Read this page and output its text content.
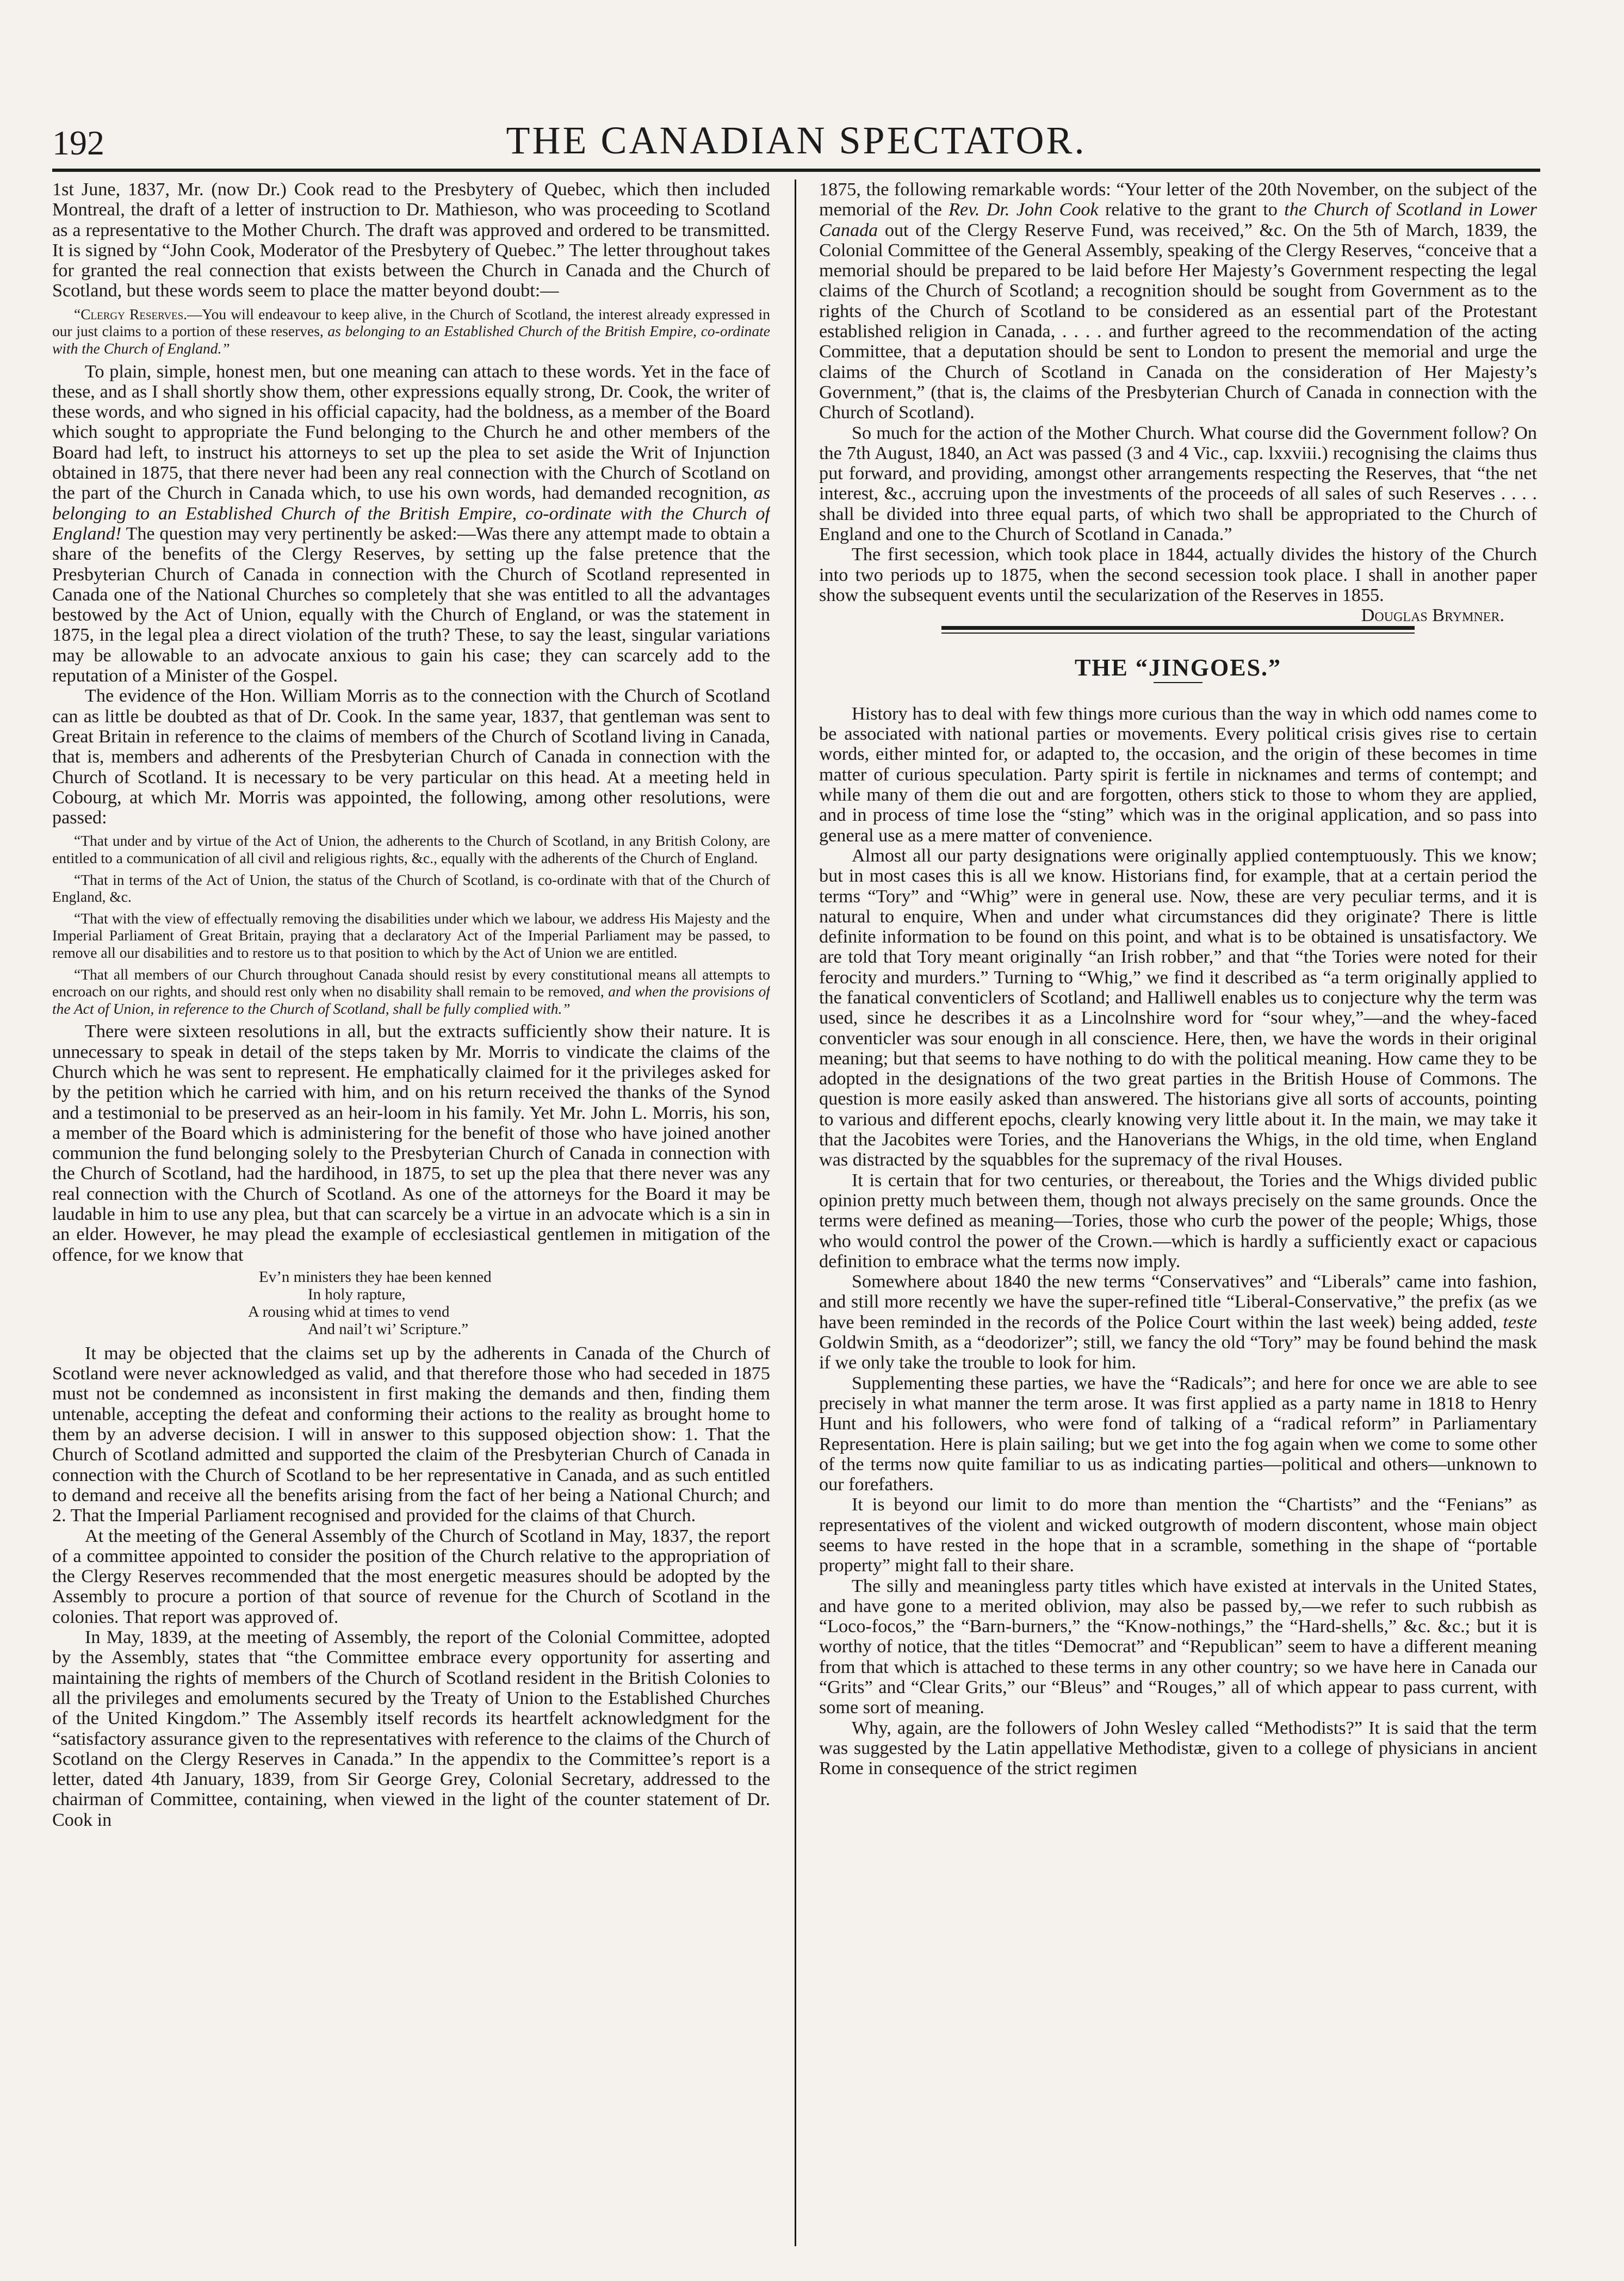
192	THE CANADIAN SPECTATOR.

1st June, 1837, Mr. (now Dr.) Cook read to the Presbytery of Quebec, which then included Montreal, the draft of a letter of instruction to Dr. Mathieson, who was proceeding to Scotland as a representative to the Mother Church. The draft was approved and ordered to be transmitted. It is signed by “John Cook, Moderator of the Presbytery of Quebec.” The letter throughout takes for granted the real connection that exists between the Church in Canada and the Church of Scotland, but these words seem to place the matter beyond doubt:—

“Clergy Reserves.—You will endeavour to keep alive, in the Church of Scotland, the interest already expressed in our just claims to a portion of these reserves, as belonging to an Established Church of the British Empire, co-ordinate with the Church of England.”

To plain, simple, honest men, but one meaning can attach to these words. Yet in the face of these, and as I shall shortly show them, other expressions equally strong, Dr. Cook, the writer of these words, and who signed in his official capacity, had the boldness, as a member of the Board which sought to appropriate the Fund belonging to the Church he and other members of the Board had left, to instruct his attorneys to set up the plea to set aside the Writ of Injunction obtained in 1875, that there never had been any real connection with the Church of Scotland on the part of the Church in Canada which, to use his own words, had demanded recognition, as belonging to an Established Church of the British Empire, co-ordinate with the Church of England! The question may very pertinently be asked:—Was there any attempt made to obtain a share of the benefits of the Clergy Reserves, by setting up the false pretence that the Presbyterian Church of Canada in connection with the Church of Scotland represented in Canada one of the National Churches so completely that she was entitled to all the advantages bestowed by the Act of Union, equally with the Church of England, or was the statement in 1875, in the legal plea a direct violation of the truth? These, to say the least, singular variations may be allowable to an advocate anxious to gain his case; they can scarcely add to the reputation of a Minister of the Gospel.

The evidence of the Hon. William Morris as to the connection with the Church of Scotland can as little be doubted as that of Dr. Cook. In the same year, 1837, that gentleman was sent to Great Britain in reference to the claims of members of the Church of Scotland living in Canada, that is, members and adherents of the Presbyterian Church of Canada in connection with the Church of Scotland. It is necessary to be very particular on this head. At a meeting held in Cobourg, at which Mr. Morris was appointed, the following, among other resolutions, were passed:

“That under and by virtue of the Act of Union, the adherents to the Church of Scotland, in any British Colony, are entitled to a communication of all civil and religious rights, &c., equally with the adherents of the Church of England.

“That in terms of the Act of Union, the status of the Church of Scotland, is co-ordinate with that of the Church of England, &c.

“That with the view of effectually removing the disabilities under which we labour, we address His Majesty and the Imperial Parliament of Great Britain, praying that a declaratory Act of the Imperial Parliament may be passed, to remove all our disabilities and to restore us to that position to which by the Act of Union we are entitled.

“That all members of our Church throughout Canada should resist by every constitutional means all attempts to encroach on our rights, and should rest only when no disability shall remain to be removed, and when the provisions of the Act of Union, in reference to the Church of Scotland, shall be fully complied with.”

There were sixteen resolutions in all, but the extracts sufficiently show their nature. It is unnecessary to speak in detail of the steps taken by Mr. Morris to vindicate the claims of the Church which he was sent to represent. He emphatically claimed for it the privileges asked for by the petition which he carried with him, and on his return received the thanks of the Synod and a testimonial to be preserved as an heir-loom in his family. Yet Mr. John L. Morris, his son, a member of the Board which is administering for the benefit of those who have joined another communion the fund belonging solely to the Presbyterian Church of Canada in connection with the Church of Scotland, had the hardihood, in 1875, to set up the plea that there never was any real connection with the Church of Scotland. As one of the attorneys for the Board it may be laudable in him to use any plea, but that can scarcely be a virtue in an advocate which is a sin in an elder. However, he may plead the example of ecclesiastical gentlemen in mitigation of the offence, for we know that

Ev’n ministers they hae been kenned
In holy rapture,
A rousing whid at times to vend
And nail’t wi’ Scripture.”

It may be objected that the claims set up by the adherents in Canada of the Church of Scotland were never acknowledged as valid, and that therefore those who had seceded in 1875 must not be condemned as inconsistent in first making the demands and then, finding them untenable, accepting the defeat and conforming their actions to the reality as brought home to them by an adverse decision. I will in answer to this supposed objection show: 1. That the Church of Scotland admitted and supported the claim of the Presbyterian Church of Canada in connection with the Church of Scotland to be her representative in Canada, and as such entitled to demand and receive all the benefits arising from the fact of her being a National Church; and 2. That the Imperial Parliament recognised and provided for the claims of that Church.

At the meeting of the General Assembly of the Church of Scotland in May, 1837, the report of a committee appointed to consider the position of the Church relative to the appropriation of the Clergy Reserves recommended that the most energetic measures should be adopted by the Assembly to procure a portion of that source of revenue for the Church of Scotland in the colonies. That report was approved of.

In May, 1839, at the meeting of Assembly, the report of the Colonial Committee, adopted by the Assembly, states that “the Committee embrace every opportunity for asserting and maintaining the rights of members of the Church of Scotland resident in the British Colonies to all the privileges and emoluments secured by the Treaty of Union to the Established Churches of the United Kingdom.” The Assembly itself records its heartfelt acknowledgment for the “satisfactory assurance given to the representatives with reference to the claims of the Church of Scotland on the Clergy Reserves in Canada.” In the appendix to the Committee’s report is a letter, dated 4th January, 1839, from Sir George Grey, Colonial Secretary, addressed to the chairman of Committee, containing, when viewed in the light of the counter statement of Dr. Cook in

1875, the following remarkable words: “Your letter of the 20th November, on the subject of the memorial of the Rev. Dr. John Cook relative to the grant to the Church of Scotland in Lower Canada out of the Clergy Reserve Fund, was received,” &c. On the 5th of March, 1839, the Colonial Committee of the General Assembly, speaking of the Clergy Reserves, “conceive that a memorial should be prepared to be laid before Her Majesty’s Government respecting the legal claims of the Church of Scotland; a recognition should be sought from Government as to the rights of the Church of Scotland to be considered as an essential part of the Protestant established religion in Canada, . . . . and further agreed to the recommendation of the acting Committee, that a deputation should be sent to London to present the memorial and urge the claims of the Church of Scotland in Canada on the consideration of Her Majesty’s Government,” (that is, the claims of the Presbyterian Church of Canada in connection with the Church of Scotland).

So much for the action of the Mother Church. What course did the Government follow? On the 7th August, 1840, an Act was passed (3 and 4 Vic., cap. lxxviii.) recognising the claims thus put forward, and providing, amongst other arrangements respecting the Reserves, that “the net interest, &c., accruing upon the investments of the proceeds of all sales of such Reserves . . . . shall be divided into three equal parts, of which two shall be appropriated to the Church of England and one to the Church of Scotland in Canada.”

The first secession, which took place in 1844, actually divides the history of the Church into two periods up to 1875, when the second secession took place. I shall in another paper show the subsequent events until the secularization of the Reserves in 1855.

Douglas Brymner.

THE “JINGOES.”

History has to deal with few things more curious than the way in which odd names come to be associated with national parties or movements. Every political crisis gives rise to certain words, either minted for, or adapted to, the occasion, and the origin of these becomes in time matter of curious speculation. Party spirit is fertile in nicknames and terms of contempt; and while many of them die out and are forgotten, others stick to those to whom they are applied, and in process of time lose the “sting” which was in the original application, and so pass into general use as a mere matter of convenience.

Almost all our party designations were originally applied contemptuously. This we know; but in most cases this is all we know. Historians find, for example, that at a certain period the terms “Tory” and “Whig” were in general use. Now, these are very peculiar terms, and it is natural to enquire, When and under what circumstances did they originate? There is little definite information to be found on this point, and what is to be obtained is unsatisfactory. We are told that Tory meant originally “an Irish robber,” and that “the Tories were noted for their ferocity and murders.” Turning to “Whig,” we find it described as “a term originally applied to the fanatical conventiclers of Scotland; and Halliwell enables us to conjecture why the term was used, since he describes it as a Lincolnshire word for “sour whey,”—and the whey-faced conventicler was sour enough in all conscience. Here, then, we have the words in their original meaning; but that seems to have nothing to do with the political meaning. How came they to be adopted in the designations of the two great parties in the British House of Commons. The question is more easily asked than answered. The historians give all sorts of accounts, pointing to various and different epochs, clearly knowing very little about it. In the main, we may take it that the Jacobites were Tories, and the Hanoverians the Whigs, in the old time, when England was distracted by the squabbles for the supremacy of the rival Houses.

It is certain that for two centuries, or thereabout, the Tories and the Whigs divided public opinion pretty much between them, though not always precisely on the same grounds. Once the terms were defined as meaning—Tories, those who curb the power of the people; Whigs, those who would control the power of the Crown.—which is hardly a sufficiently exact or capacious definition to embrace what the terms now imply.

Somewhere about 1840 the new terms “Conservatives” and “Liberals” came into fashion, and still more recently we have the super-refined title “Liberal-Conservative,” the prefix (as we have been reminded in the records of the Police Court within the last week) being added, teste Goldwin Smith, as a “deodorizer”; still, we fancy the old “Tory” may be found behind the mask if we only take the trouble to look for him.

Supplementing these parties, we have the “Radicals”; and here for once we are able to see precisely in what manner the term arose. It was first applied as a party name in 1818 to Henry Hunt and his followers, who were fond of talking of a “radical reform” in Parliamentary Representation. Here is plain sailing; but we get into the fog again when we come to some other of the terms now quite familiar to us as indicating parties—political and others—unknown to our forefathers.

It is beyond our limit to do more than mention the “Chartists” and the “Fenians” as representatives of the violent and wicked outgrowth of modern discontent, whose main object seems to have rested in the hope that in a scramble, something in the shape of “portable property” might fall to their share.

The silly and meaningless party titles which have existed at intervals in the United States, and have gone to a merited oblivion, may also be passed by,—we refer to such rubbish as “Loco-focos,” the “Barn-burners,” the “Know-nothings,” the “Hard-shells,” &c. &c.; but it is worthy of notice, that the titles “Democrat” and “Republican” seem to have a different meaning from that which is attached to these terms in any other country; so we have here in Canada our “Grits” and “Clear Grits,” our “Bleus” and “Rouges,” all of which appear to pass current, with some sort of meaning.

Why, again, are the followers of John Wesley called “Methodists?” It is said that the term was suggested by the Latin appellative Methodistæ, given to a college of physicians in ancient Rome in consequence of the strict regimen
